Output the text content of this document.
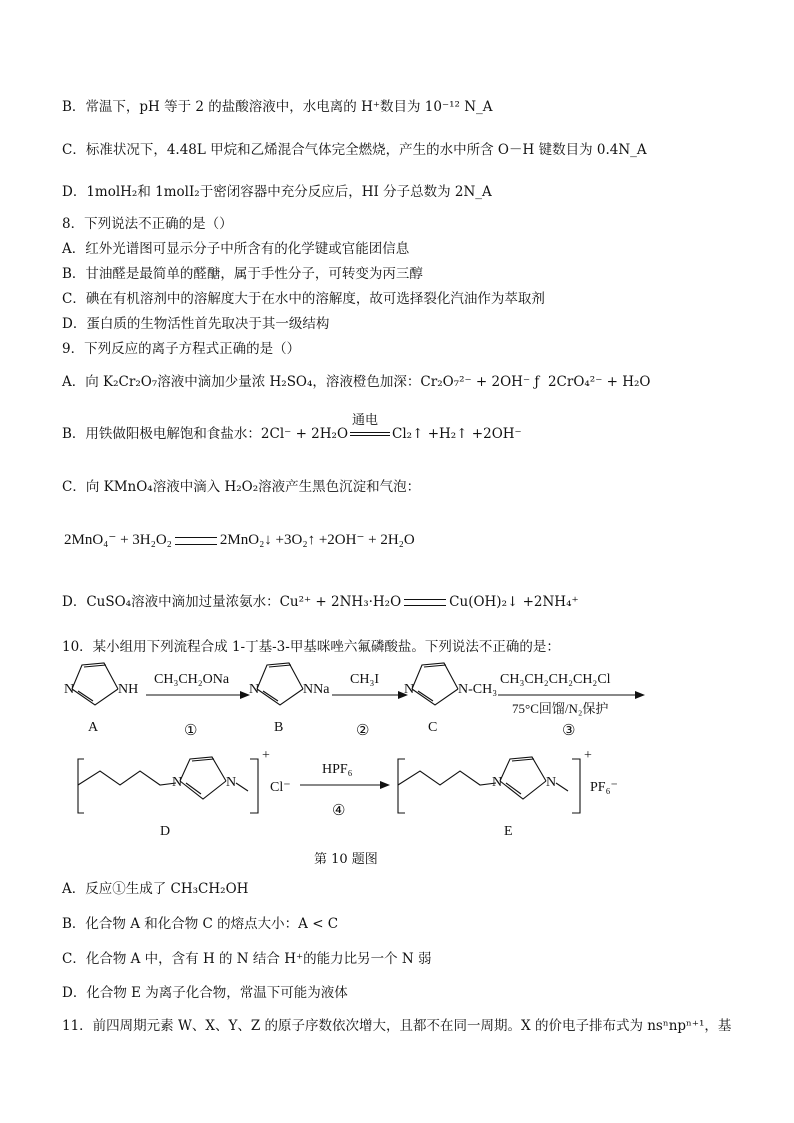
B．常温下，pH 等于 2 的盐酸溶液中，水电离的 H⁺数目为 10⁻¹² N_A
C．标准状况下，4.48L 甲烷和乙烯混合气体完全燃烧，产生的水中所含 O－H 键数目为 0.4N_A
D．1molH₂和 1molI₂于密闭容器中充分反应后，HI 分子总数为 2N_A
8．下列说法不正确的是（）
A．红外光谱图可显示分子中所含有的化学键或官能团信息
B．甘油醛是最简单的醛醣，属于手性分子，可转变为丙三醇
C．碘在有机溶剂中的溶解度大于在水中的溶解度，故可选择裂化汽油作为萃取剂
D．蛋白质的生物活性首先取决于其一级结构
9．下列反应的离子方程式正确的是（）
A．向 K₂Cr₂O₇溶液中滴加少量浓 H₂SO₄，溶液橙色加深：Cr₂O₇²⁻ + 2OH⁻ ƒ  2CrO₄²⁻ + H₂O
B．用铁做阳极电解饱和食盐水：2Cl⁻ + 2H₂O

通电

Cl₂↑ +H₂↑ +2OH⁻
C．向 KMnO₄溶液中滴入 H₂O₂溶液产生黑色沉淀和气泡：
2MnO₄⁻ + 3H₂O₂	2MnO₂↓ +3O₂↑ +2OH⁻ + 2H₂O
D．CuSO₄溶液中滴加过量浓氨水：Cu²⁺ + 2NH₃·H₂O	Cu(OH)₂↓ +2NH₄⁺
10．某小组用下列流程合成 1-丁基-3-甲基咪唑六氟磷酸盐。下列说法不正确的是：
N	NH
A
CH₃CH₂ONa
①
N	NNa
B
CH₃I
②
N	N-CH₃
C
CH₃CH₂CH₂CH₂Cl
75°C回馏/N₂保护
③
N	N
+
Cl⁻
D
HPF₆
④
N	N
+
PF₆⁻
E
第 10 题图
A．反应①生成了 CH₃CH₂OH
B．化合物 A 和化合物 C 的熔点大小：A < C
C．化合物 A 中，含有 H 的 N 结合 H⁺的能力比另一个 N 弱
D．化合物 E 为离子化合物，常温下可能为液体
11．前四周期元素 W、X、Y、Z 的原子序数依次增大，且都不在同一周期。X 的价电子排布式为 nsⁿnpⁿ⁺¹，基
